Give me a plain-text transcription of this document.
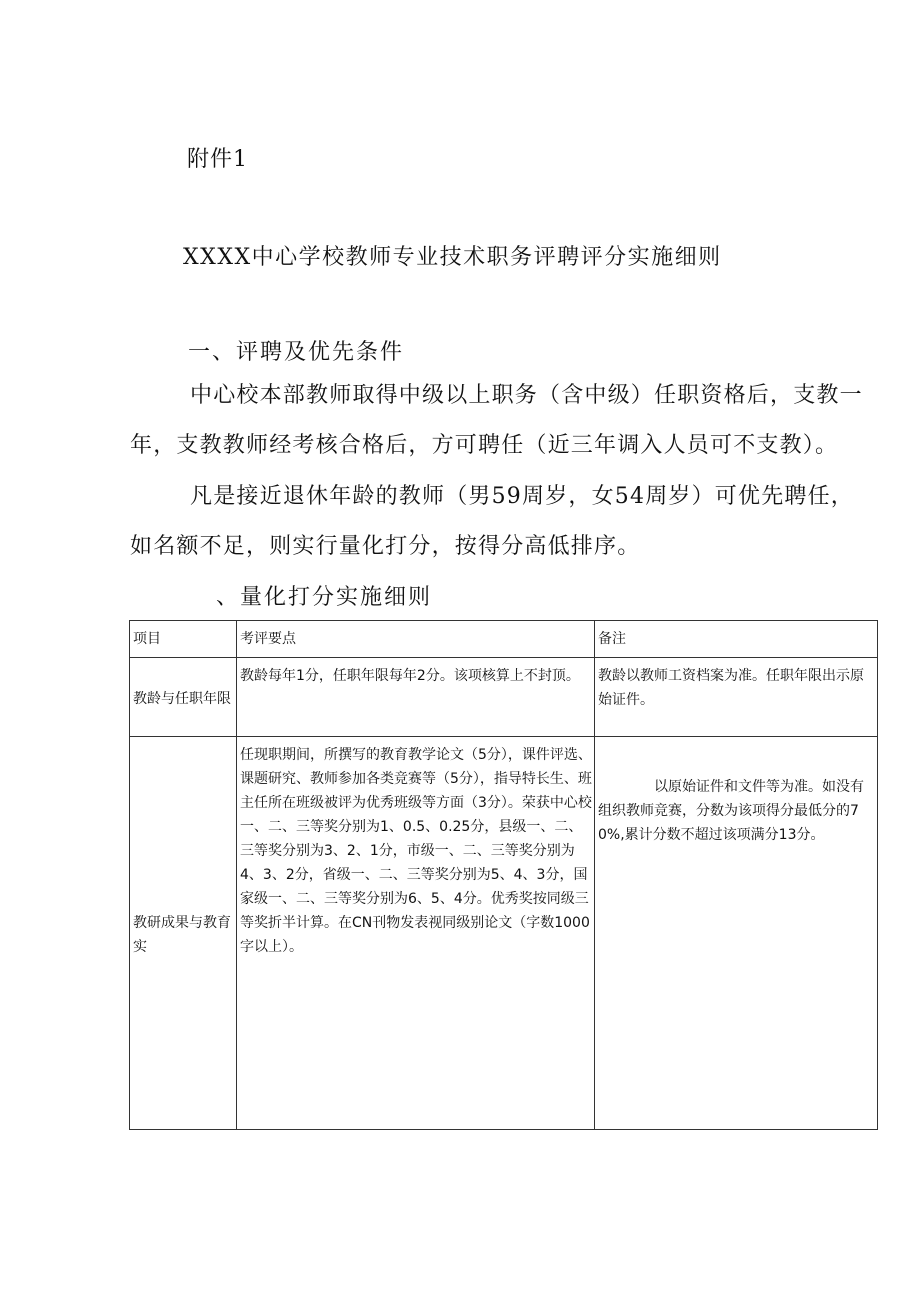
附件1
XXXX中心学校教师专业技术职务评聘评分实施细则
一、评聘及优先条件
中心校本部教师取得中级以上职务（含中级）任职资格后，支教一年，支教教师经考核合格后，方可聘任（近三年调入人员可不支教）。
凡是接近退休年龄的教师（男59周岁，女54周岁）可优先聘任，如名额不足，则实行量化打分，按得分高低排序。
、量化打分实施细则
项目	考评要点	备注
教龄与任职年限	教龄每年1分，任职年限每年2分。该项核算上不封顶。	教龄以教师工资档案为准。任职年限出示原始证件。
教研成果与教育实	任现职期间，所撰写的教育教学论文（5分），课件评选、课题研究、教师参加各类竞赛等（5分），指导特长生、班主任所在班级被评为优秀班级等方面（3分）。荣获中心校一、二、三等奖分别为1、0.5、0.25分，县级一、二、三等奖分别为3、2、1分，市级一、二、三等奖分别为4、3、2分，省级一、二、三等奖分别为5、4、3分，国家级一、二、三等奖分别为6、5、4分。优秀奖按同级三等奖折半计算。在CN刊物发表视同级别论文（字数1000字以上）。	以原始证件和文件等为准。如没有组织教师竞赛，分数为该项得分最低分的70%,累计分数不超过该项满分13分。
